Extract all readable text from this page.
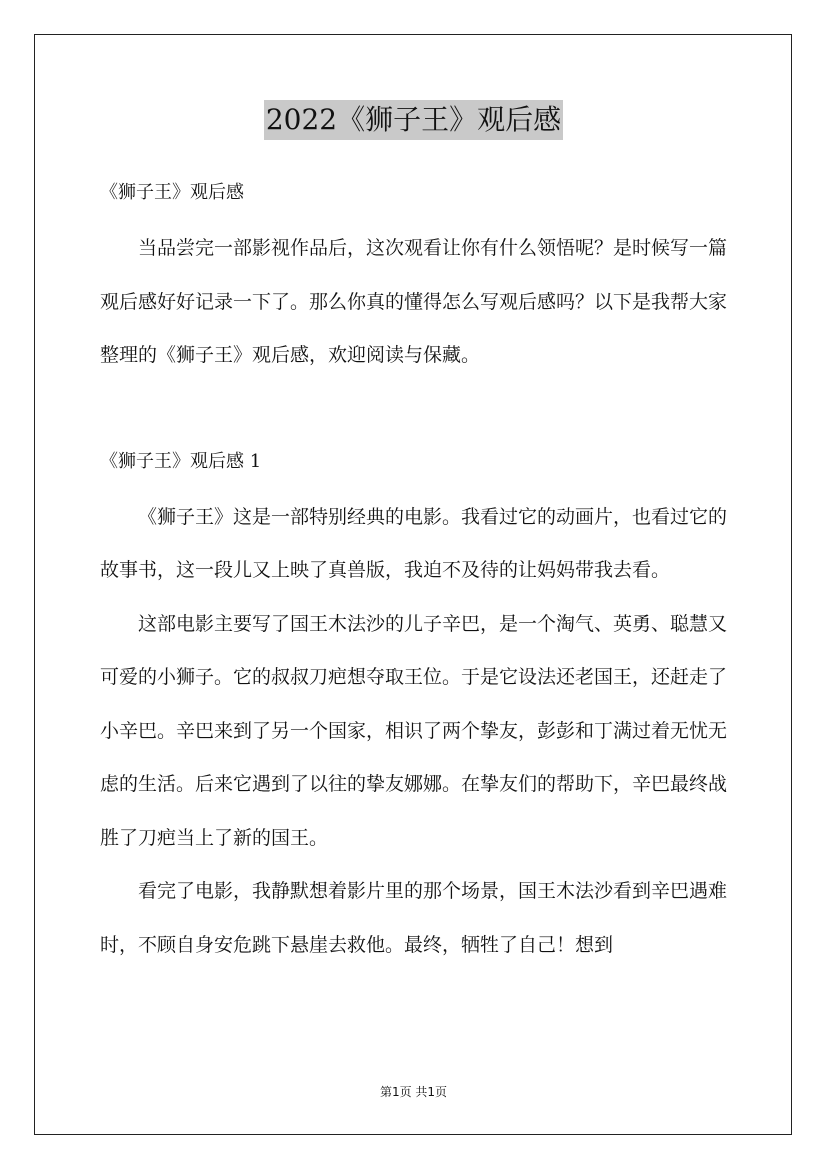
2022《狮子王》观后感

《狮子王》观后感

当品尝完一部影视作品后，这次观看让你有什么领悟呢？是时候写一篇观后感好好记录一下了。那么你真的懂得怎么写观后感吗？以下是我帮大家整理的《狮子王》观后感，欢迎阅读与保藏。

《狮子王》观后感 1

《狮子王》这是一部特别经典的电影。我看过它的动画片，也看过它的故事书，这一段儿又上映了真兽版，我迫不及待的让妈妈带我去看。

这部电影主要写了国王木法沙的儿子辛巴，是一个淘气、英勇、聪慧又可爱的小狮子。它的叔叔刀疤想夺取王位。于是它设法还老国王，还赶走了小辛巴。辛巴来到了另一个国家，相识了两个挚友，彭彭和丁满过着无忧无虑的生活。后来它遇到了以往的挚友娜娜。在挚友们的帮助下，辛巴最终战胜了刀疤当上了新的国王。

看完了电影，我静默想着影片里的那个场景，国王木法沙看到辛巴遇难时，不顾自身安危跳下悬崖去救他。最终，牺牲了自己！想到

第1页 共1页
